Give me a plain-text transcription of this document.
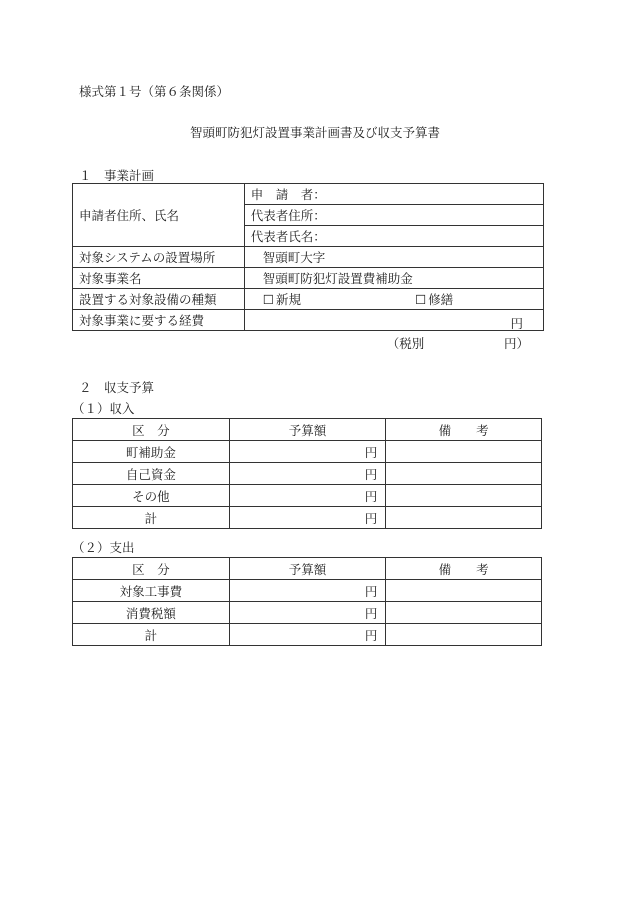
様式第１号（第６条関係）
智頭町防犯灯設置事業計画書及び収支予算書
１　事業計画
申請者住所、氏名	申　請　者：
	代表者住所：
	代表者氏名：
対象システムの設置場所	智頭町大字
対象事業名	智頭町防犯灯設置費補助金
設置する対象設備の種類	☐ 新規 ☐ 修繕
対象事業に要する経費	円
（税別 円）
２　収支予算
（１）収入
区　分	予算額	備　　考
町補助金	円	
自己資金	円	
その他	円	
計	円	
（２）支出
区　分	予算額	備　　考
対象工事費	円	
消費税額	円	
計	円	
